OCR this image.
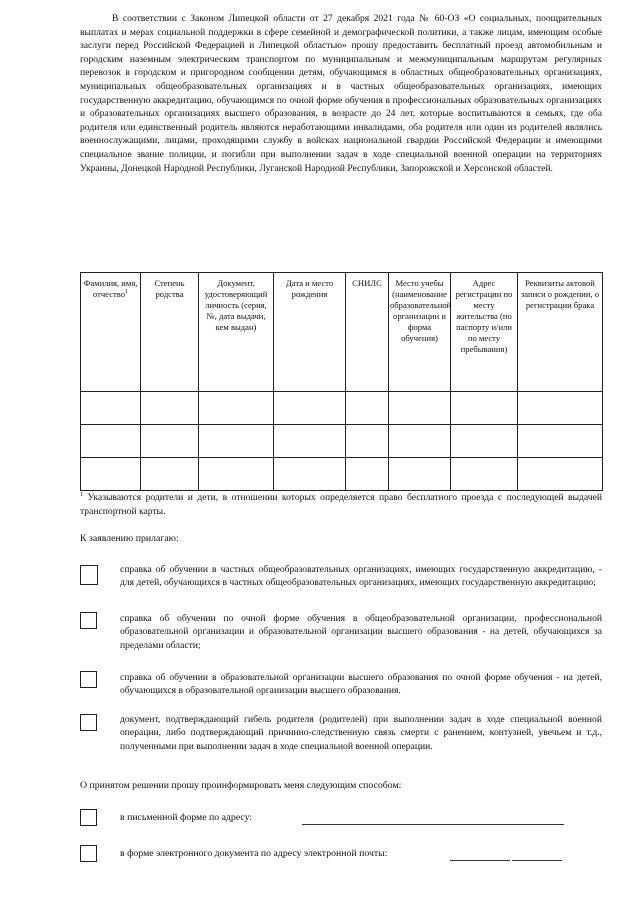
В соответствии с Законом Липецкой области от 27 декабря 2021 года № 60-ОЗ «О социальных, поощрительных выплатах и мерах социальной поддержки в сфере семейной и демографической политики, а также лицам, имеющим особые заслуги перед Российской Федерацией и Липецкой областью» прошу предоставить бесплатный проезд автомобильным и городским наземным электрическим транспортом по муниципальным и межмуниципальным маршрутам регулярных перевозок в городском и пригородном сообщении детям, обучающимся в областных общеобразовательных организациях, муниципальных общеобразовательных организациях и в частных общеобразовательных организациях, имеющих государственную аккредитацию, обучающимся по очной форме обучения в профессиональных образовательных организациях и образовательных организациях высшего образования, в возрасте до 24 лет, которые воспитываются в семьях, где оба родителя или единственный родитель являются неработающими инвалидами, оба родителя или один из родителей являлись военнослужащими, лицами, проходящими службу в войсках национальной гвардии Российской Федерации и имеющими специальное звание полиции, и погибли при выполнении задач в ходе специальной военной операции на территориях Украины, Донецкой Народной Республики, Луганской Народной Республики, Запорожской и Херсонской областей.

Фамилия, имя, отчество$^1$	Степень родства	Документ, удостоверяющий личность (серия, №, дата выдачи, кем выдан)	Дата и место рождения	СНИЛС	Место учебы (наименование образовательной организации и форма обучения)	Адрес регистрации по месту жительства (по паспорту и/или по месту пребывания)	Реквизиты актовой записи о рождении, о регистрации брака

$^1$ Указываются родители и дети, в отношении которых определяется право бесплатного проезда с последующей выдачей транспортной карты.

К заявлению прилагаю:

справка об обучении в частных общеобразовательных организациях, имеющих государственную аккредитацию, - для детей, обучающихся в частных общеобразовательных организациях, имеющих государственную аккредитацию;

справка об обучении по очной форме обучения в общеобразовательной организации, профессиональной образовательной организации и образовательной организации высшего образования - на детей, обучающихся за пределами области;

справка об обучении в образовательной организации высшего образования по очной форме обучения - на детей, обучающихся в образовательной организации высшего образования.

документ, подтверждающий гибель родителя (родителей) при выполнении задач в ходе специальной военной операции, либо подтверждающий причинно-следственную связь смерти с ранением, контузией, увечьем и т.д., полученными при выполнении задач в ходе специальной военной операции.

О принятом решении прошу проинформировать меня следующим способом:

в письменной форме по адресу:
в форме электронного документа по адресу электронной почты:
